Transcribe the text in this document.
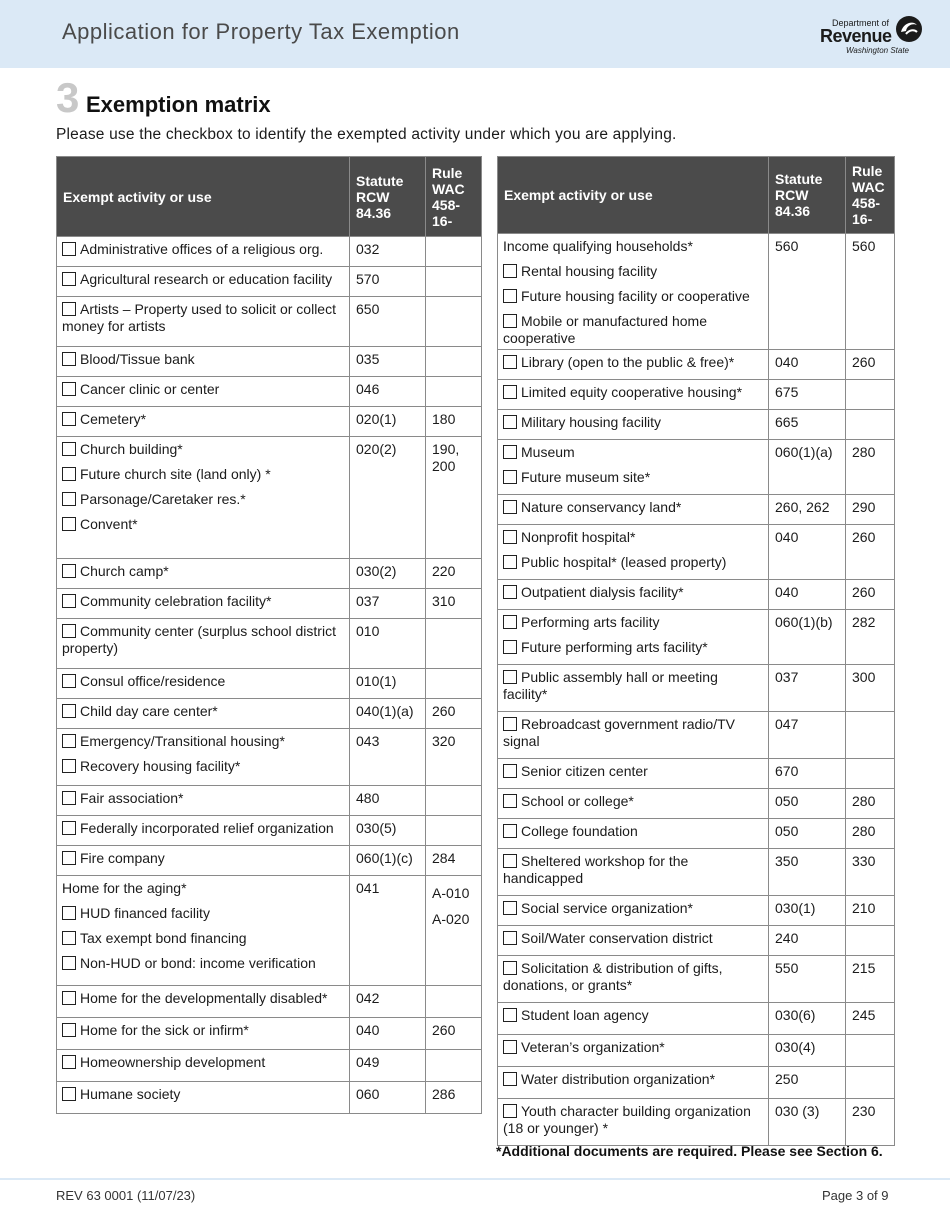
Application for Property Tax Exemption	Department of
Revenue
Washington State
3 Exemption matrix
Please use the checkbox to identify the exempted activity under which you are applying.
Exempt activity or use	Statute RCW 84.36	Rule WAC 458-16-

Administrative offices of a religious org.	032	

Agricultural research or education facility	570	

Artists – Property used to solicit or collect money for artists	650	

Blood/Tissue bank	035	

Cancer clinic or center	046	

Cemetery*	020(1)	180

Church building*
Future church site (land only) *
Parsonage/Caretaker res.*
Convent*	020(2)	190, 200

Church camp*	030(2)	220

Community celebration facility*	037	310

Community center (surplus school district property)	010	

Consul office/residence	010(1)	

Child day care center*	040(1)(a)	260

Emergency/Transitional housing*
Recovery housing facility*	043	320

Fair association*	480	

Federally incorporated relief organization	030(5)	

Fire company	060(1)(c)	284

Home for the aging*
HUD financed facility
Tax exempt bond financing
Non-HUD or bond: income verification	041	A-010
A-020

Home for the developmentally disabled*	042	

Home for the sick or infirm*	040	260

Homeownership development	049	

Humane society	060	286
Exempt activity or use	Statute RCW 84.36	Rule WAC 458-16-

Income qualifying households*
Rental housing facility
Future housing facility or cooperative
Mobile or manufactured home cooperative	560	560

Library (open to the public & free)*	040	260

Limited equity cooperative housing*	675	

Military housing facility	665	

Museum
Future museum site*	060(1)(a)	280

Nature conservancy land*	260, 262	290

Nonprofit hospital*
Public hospital* (leased property)	040	260

Outpatient dialysis facility*	040	260

Performing arts facility
Future performing arts facility*	060(1)(b)	282

Public assembly hall or meeting facility*	037	300

Rebroadcast government radio/TV signal	047	

Senior citizen center	670	

School or college*	050	280

College foundation	050	280

Sheltered workshop for the handicapped	350	330

Social service organization*	030(1)	210

Soil/Water conservation district	240	

Solicitation & distribution of gifts, donations, or grants*	550	215

Student loan agency	030(6)	245

Veteran’s organization*	030(4)	

Water distribution organization*	250	

Youth character building organization (18 or younger) *	030 (3)	230
*Additional documents are required. Please see Section 6.
REV 63 0001 (11/07/23)	Page 3 of 9
